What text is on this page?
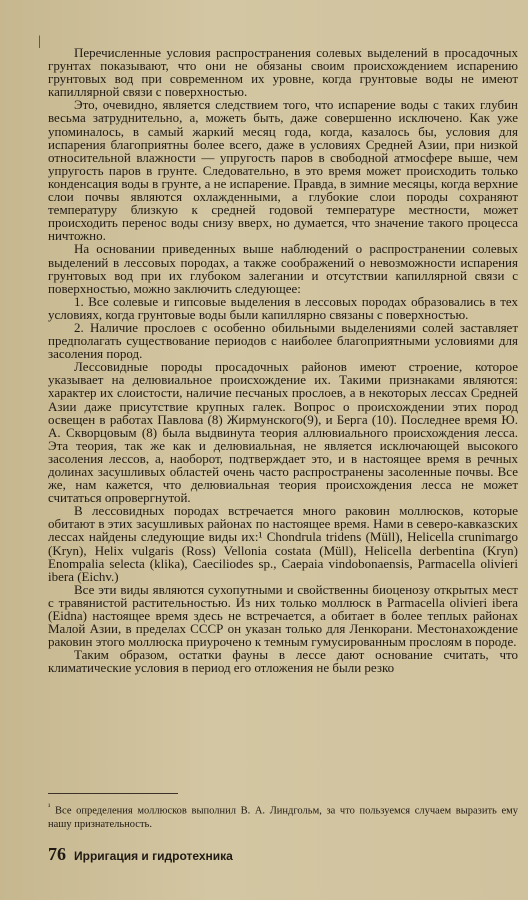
|

Перечисленные условия распространения солевых выделений в просадочных грунтах показывают, что они не обязаны своим происхождением испарению грунтовых вод при современном их уровне, когда грунтовые воды не имеют капиллярной связи с поверхностью.

Это, очевидно, является следствием того, что испарение воды с таких глубин весьма затруднительно, а, можеть быть, даже совершенно исключено. Как уже упоминалось, в самый жаркий месяц года, когда, казалось бы, условия для испарения благоприятны более всего, даже в условиях Средней Азии, при низкой относительной влажности — упругость паров в свободной атмосфере выше, чем упругость паров в грунте. Следовательно, в это время может происходить только конденсация воды в грунте, а не испарение. Правда, в зимние месяцы, когда верхние слои почвы являются охлажденными, а глубокие слои породы сохраняют температуру близкую к средней годовой температуре местности, может происходить перенос воды снизу вверх, но думается, что значение такого процесса ничтожно.

На основании приведенных выше наблюдений о распространении солевых выделений в лессовых породах, а также соображений о невозможности испарения грунтовых вод при их глубоком залегании и отсутствии капиллярной связи с поверхностью, можно заключить следующее:

1. Все солевые и гипсовые выделения в лессовых породах образовались в тех условиях, когда грунтовые воды были капиллярно связаны с поверхностью.

2. Наличие прослоев с особенно обильными выделениями солей заставляет предполагать существование периодов с наиболее благоприятными условиями для засоления пород.

Лессовидные породы просадочных районов имеют строение, которое указывает на делювиальное происхождение их. Такими признаками являются: характер их слоистости, наличие песчаных прослоев, а в некоторых лессах Средней Азии даже присутствие крупных галек. Вопрос о происхождении этих пород освещен в работах Павлова (8) Жирмунского(9), и Берга (10). Последнее время Ю. А. Скворцовым (8) была выдвинута теория аллювиального происхождения лесса. Эта теория, так же как и делювиальная, не является исключающей высокого засоления лессов, а, наоборот, подтверждает это, и в настоящее время в речных долинах засушливых областей очень часто распространены засоленные почвы. Все же, нам кажется, что делювиальная теория происхождения лесса не может считаться опровергнутой.

В лессовидных породах встречается много раковин моллюсков, которые обитают в этих засушливых районах по настоящее время. Нами в северо-кавказских лессах найдены следующие виды их:¹ Chondrula tridens (Müll), Helicella crunimargo (Kryn), Helix vulgaris (Ross) Vellonia costata (Müll), Helicella derbentina (Kryn) Enompalia selecta (klika), Caeciliodes sp., Caepaia vindobonaensis, Parmacella olivieri ibera (Eichv.)

Все эти виды являются сухопутными и свойственны биоценозу открытых мест с травянистой растительностью. Из них только моллюск в Parmacella olivieri ibera (Eidna) настоящее время здесь не встречается, а обитает в более теплых районах Малой Азии, в пределах СССР он указан только для Ленкорани. Местонахождение раковин этого моллюска приурочено к темным гумусированным прослоям в породе.

Таким образом, остатки фауны в лессе дают основание считать, что климатические условия в период его отложения не были резко

$^{^1}$ Все определения моллюсков выполнил В. А. Линдгольм, за что пользуемся случаем выразить ему нашу признательность.
76 Ирригация и гидротехника
